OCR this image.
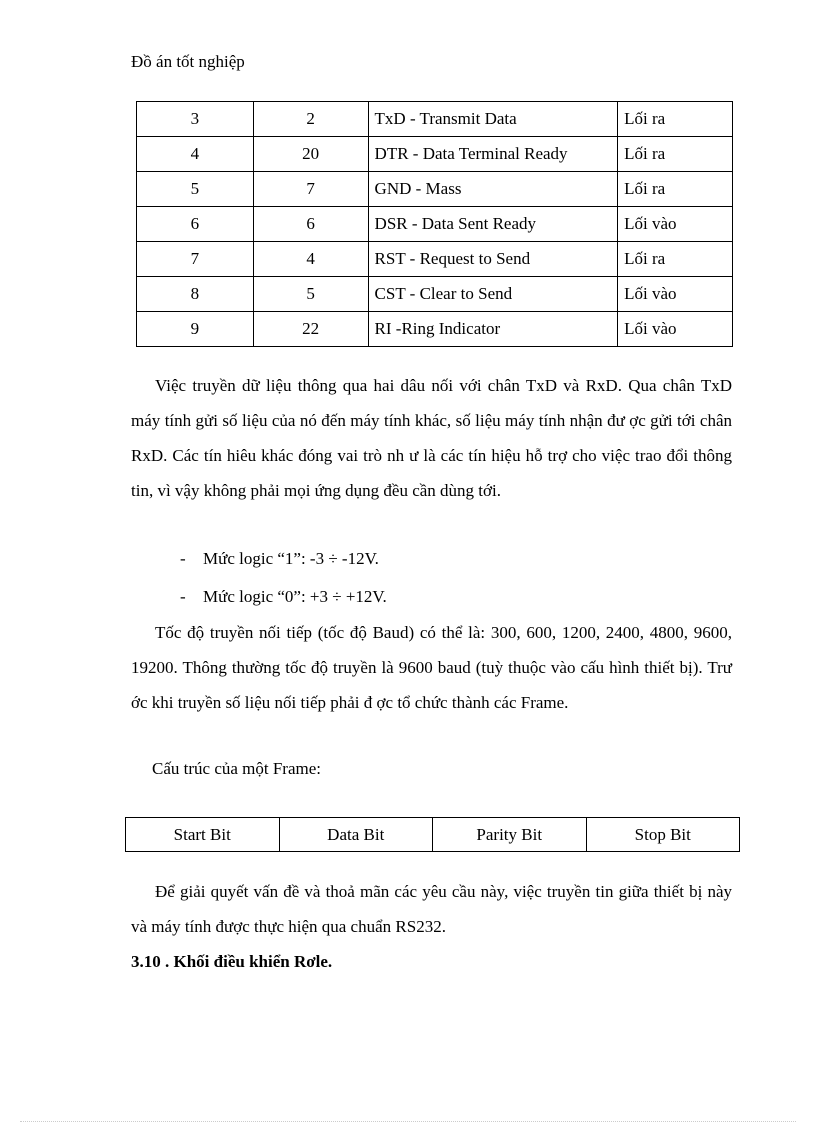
Đồ án tốt nghiệp
3	2	TxD - Transmit Data	Lối ra
4	20	DTR - Data Terminal Ready	Lối ra
5	7	GND - Mass	Lối ra
6	6	DSR - Data Sent Ready	Lối vào
7	4	RST - Request to Send	Lối ra
8	5	CST - Clear to Send	Lối vào
9	22	RI -Ring Indicator	Lối vào
Việc truyền dữ liệu thông qua hai dâu nối với chân TxD và RxD. Qua chân TxD máy tính gửi số liệu của nó đến máy tính khác, số liệu máy tính nhận đư ợc gửi tới chân RxD. Các tín hiêu khác đóng vai trò nh ư là các tín hiệu hỗ trợ cho việc trao đổi thông tin, vì vậy không phải mọi ứng dụng đều cần dùng tới.
- Mức logic “1”: -3 ÷ -12V.
- Mức logic “0”: +3 ÷ +12V.
Tốc độ truyền nối tiếp (tốc độ Baud) có thể là: 300, 600, 1200, 2400, 4800, 9600, 19200. Thông thường tốc độ truyền là 9600 baud (tuỳ thuộc vào cấu hình thiết bị). Trư ớc khi truyền số liệu nối tiếp phải đ ợc tổ chức thành các Frame.
Cấu trúc của một Frame:
Start Bit	Data Bit	Parity Bit	Stop Bit
Để giải quyết vấn đề và thoả mãn các yêu cầu này, việc truyền tin giữa thiết bị này và máy tính được thực hiện qua chuẩn RS232.
3.10 . Khối điều khiển Rơle.
